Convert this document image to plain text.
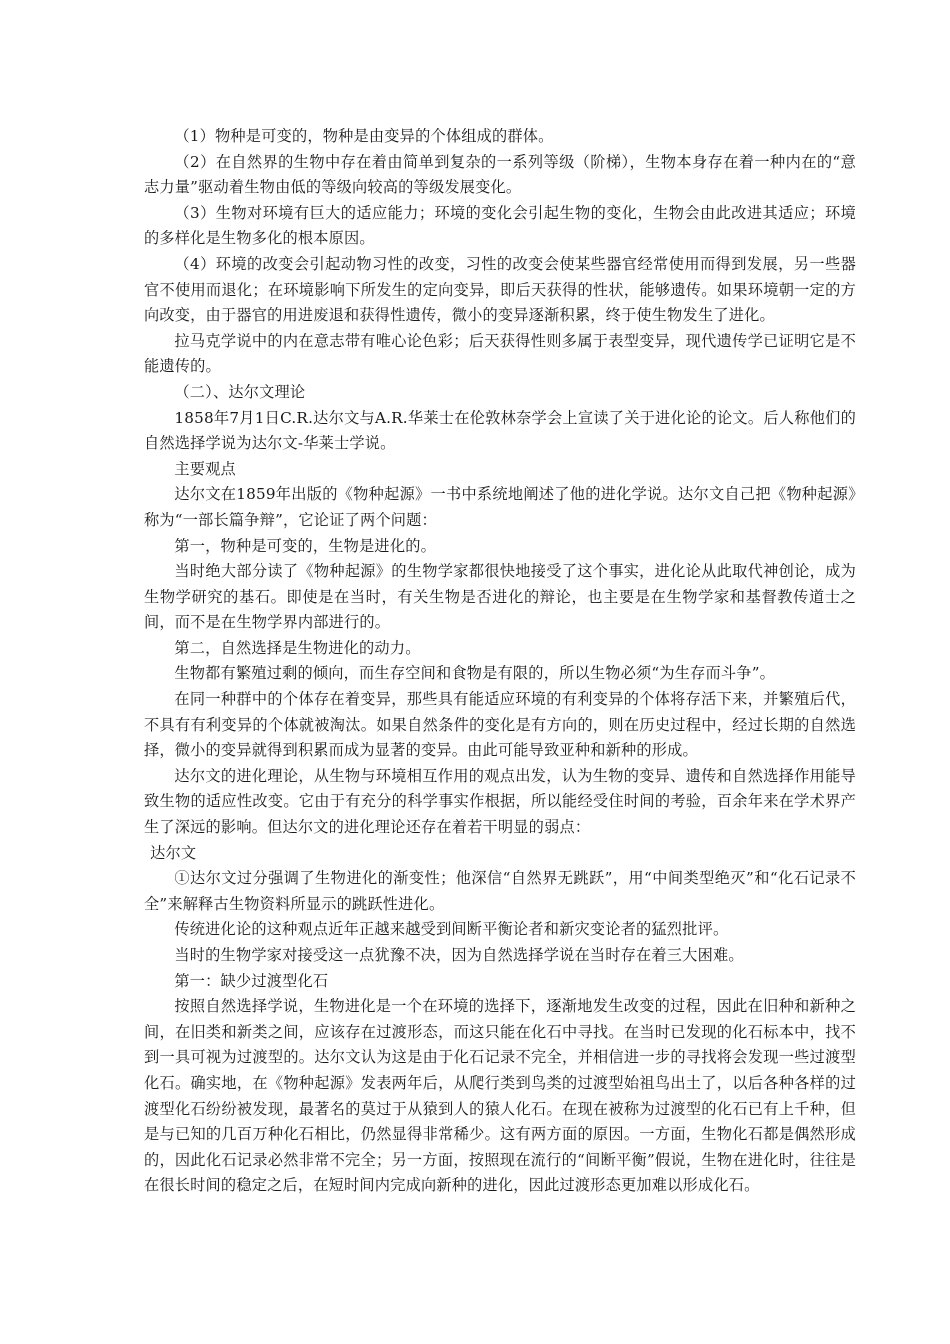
（1）物种是可变的，物种是由变异的个体组成的群体。

（2）在自然界的生物中存在着由简单到复杂的一系列等级（阶梯），生物本身存在着一种内在的“意志力量”驱动着生物由低的等级向较高的等级发展变化。

（3）生物对环境有巨大的适应能力；环境的变化会引起生物的变化，生物会由此改进其适应；环境的多样化是生物多化的根本原因。

（4）环境的改变会引起动物习性的改变，习性的改变会使某些器官经常使用而得到发展，另一些器官不使用而退化；在环境影响下所发生的定向变异，即后天获得的性状，能够遗传。如果环境朝一定的方向改变，由于器官的用进废退和获得性遗传，微小的变异逐渐积累，终于使生物发生了进化。

拉马克学说中的内在意志带有唯心论色彩；后天获得性则多属于表型变异，现代遗传学已证明它是不能遗传的。

（二）、达尔文理论

1858年7月1日C.R.达尔文与A.R.华莱士在伦敦林奈学会上宣读了关于进化论的论文。后人称他们的自然选择学说为达尔文-华莱士学说。

主要观点

达尔文在1859年出版的《物种起源》一书中系统地阐述了他的进化学说。达尔文自己把《物种起源》称为“一部长篇争辩”，它论证了两个问题：

第一，物种是可变的，生物是进化的。

当时绝大部分读了《物种起源》的生物学家都很快地接受了这个事实，进化论从此取代神创论，成为生物学研究的基石。即使是在当时，有关生物是否进化的辩论，也主要是在生物学家和基督教传道士之间，而不是在生物学界内部进行的。

第二，自然选择是生物进化的动力。

生物都有繁殖过剩的倾向，而生存空间和食物是有限的，所以生物必须“为生存而斗争”。

在同一种群中的个体存在着变异，那些具有能适应环境的有利变异的个体将存活下来，并繁殖后代，不具有有利变异的个体就被淘汰。如果自然条件的变化是有方向的，则在历史过程中，经过长期的自然选择，微小的变异就得到积累而成为显著的变异。由此可能导致亚种和新种的形成。

达尔文的进化理论，从生物与环境相互作用的观点出发，认为生物的变异、遗传和自然选择作用能导致生物的适应性改变。它由于有充分的科学事实作根据，所以能经受住时间的考验，百余年来在学术界产生了深远的影响。但达尔文的进化理论还存在着若干明显的弱点：

达尔文

①达尔文过分强调了生物进化的渐变性；他深信“自然界无跳跃”，用“中间类型绝灭”和“化石记录不全”来解释古生物资料所显示的跳跃性进化。

传统进化论的这种观点近年正越来越受到间断平衡论者和新灾变论者的猛烈批评。

当时的生物学家对接受这一点犹豫不决，因为自然选择学说在当时存在着三大困难。

第一：缺少过渡型化石

按照自然选择学说，生物进化是一个在环境的选择下，逐渐地发生改变的过程，因此在旧种和新种之间，在旧类和新类之间，应该存在过渡形态，而这只能在化石中寻找。在当时已发现的化石标本中，找不到一具可视为过渡型的。达尔文认为这是由于化石记录不完全，并相信进一步的寻找将会发现一些过渡型化石。确实地，在《物种起源》发表两年后，从爬行类到鸟类的过渡型始祖鸟出土了，以后各种各样的过渡型化石纷纷被发现，最著名的莫过于从猿到人的猿人化石。在现在被称为过渡型的化石已有上千种，但是与已知的几百万种化石相比，仍然显得非常稀少。这有两方面的原因。一方面，生物化石都是偶然形成的，因此化石记录必然非常不完全；另一方面，按照现在流行的“间断平衡”假说，生物在进化时，往往是在很长时间的稳定之后，在短时间内完成向新种的进化，因此过渡形态更加难以形成化石。
